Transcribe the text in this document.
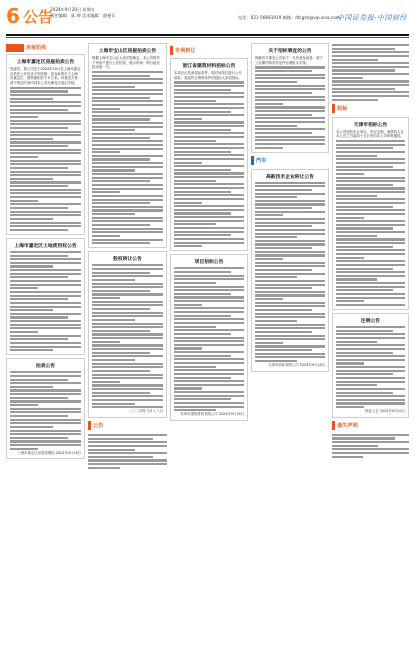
6 公告
2024年9月20日 星期五
责任编辑：陈 理 美术编辑：俞曼乐	电话：021-56691919 邮箱：dfcgsh@vip.sina.com
中国证券报·中国财经
房屋拍卖
上海市嘉定区房屋拍卖公告
受委托，我公司定于2024年10月在上海市嘉定区依法公开拍卖下列房屋：拍卖标的位于上海市嘉定区，建筑面积若干平方米。有意竞买者请于规定时间内到本公司办理竞买登记手续。
上海市嘉定区土地使用权公告
拍卖公告
上海市嘉定区房屋管理局 2024年9月18日
上海市宝山区房屋拍卖公告
根据上海市宝山区人民法院裁定，本公司将对下列房产进行公开拍卖，展示时间：即日起至拍卖前一日。
股权转让公告
二〇二四年九月十八日
公告
专利转让
浙江省建筑材料招标公告
本项目已具备招标条件，现对该项目进行公开招标，欢迎符合资格条件的投标人参加投标。
项目招标公告
杭州市建筑材料有限公司 2024年9月18日
关于招标事宜的公告
现就有关事宜公告如下：凡有意参加者，请于公告期内持有效证件办理报名手续。
汽车
高新技术企业转让公告
天津市招标有限公司 2024年9月18日
招标
天津市招标公告
本公司经股东会决议，决定注销。请债权人自本公告之日起四十五日内向本公司申报债权。
注销公告
特此公告 2024年9月20日
遗失声明
